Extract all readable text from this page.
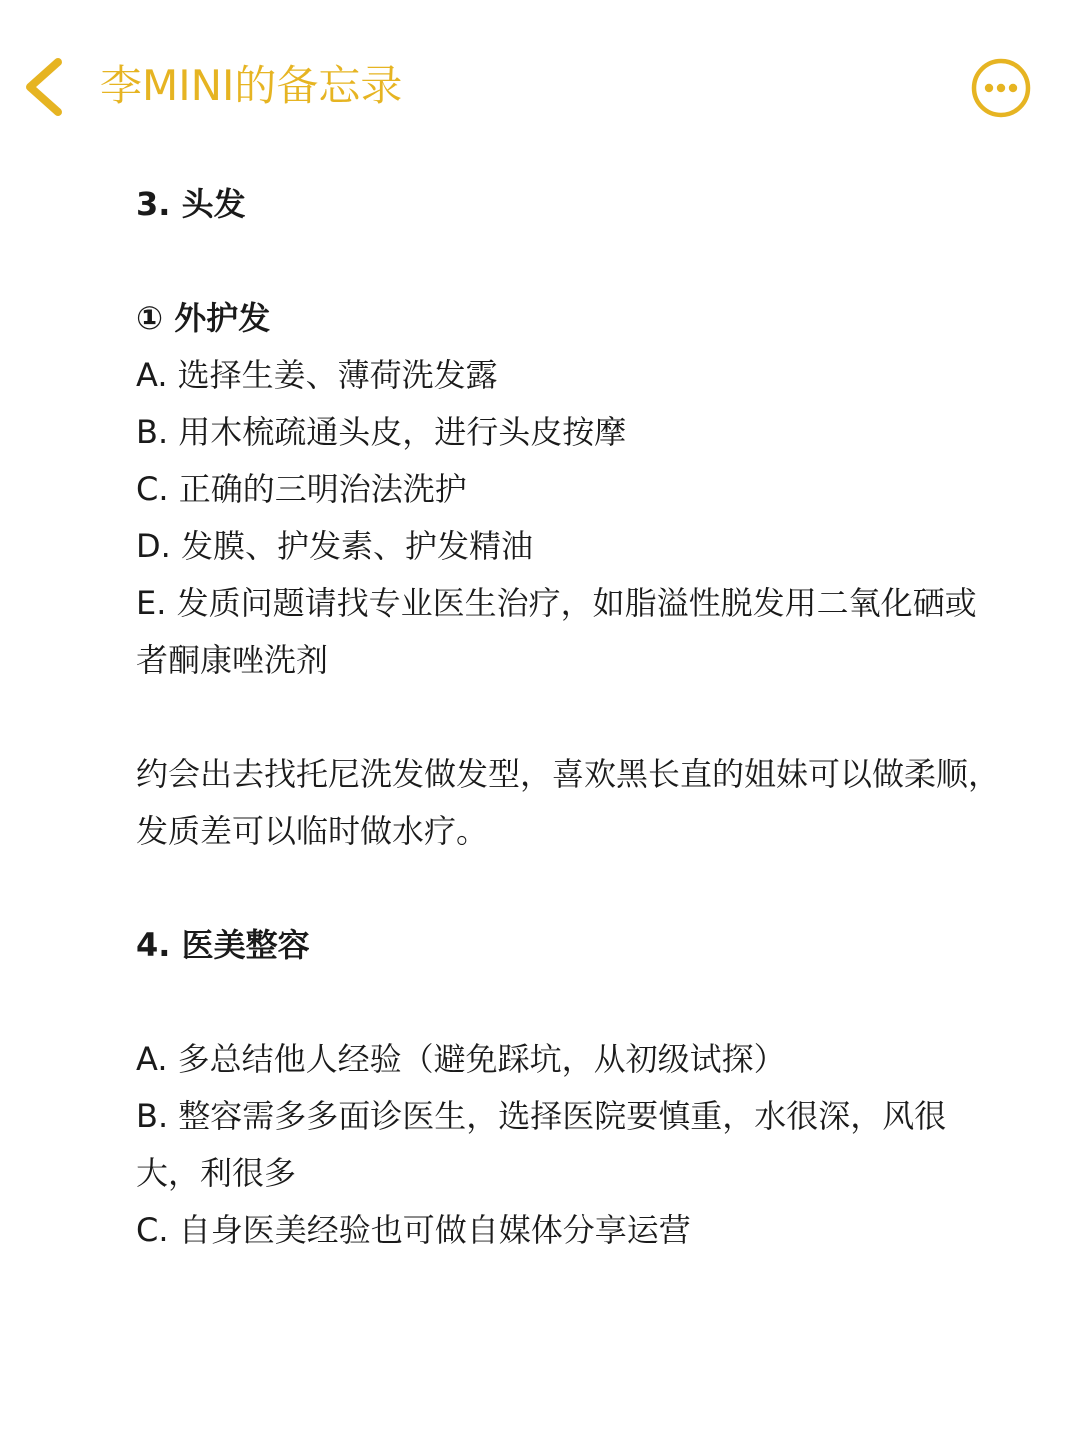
李MINI的备忘录

3. 头发

① 外护发

A. 选择生姜、薄荷洗发露

B. 用木梳疏通头皮，进行头皮按摩

C. 正确的三明治法洗护

D. 发膜、护发素、护发精油

E. 发质问题请找专业医生治疗，如脂溢性脱发用二氧化硒或者酮康唑洗剂

约会出去找托尼洗发做发型，喜欢黑长直的姐妹可以做柔顺，发质差可以临时做水疗。

4. 医美整容

A. 多总结他人经验（避免踩坑，从初级试探）

B. 整容需多多面诊医生，选择医院要慎重，水很深，风很大，利很多

C. 自身医美经验也可做自媒体分享运营
